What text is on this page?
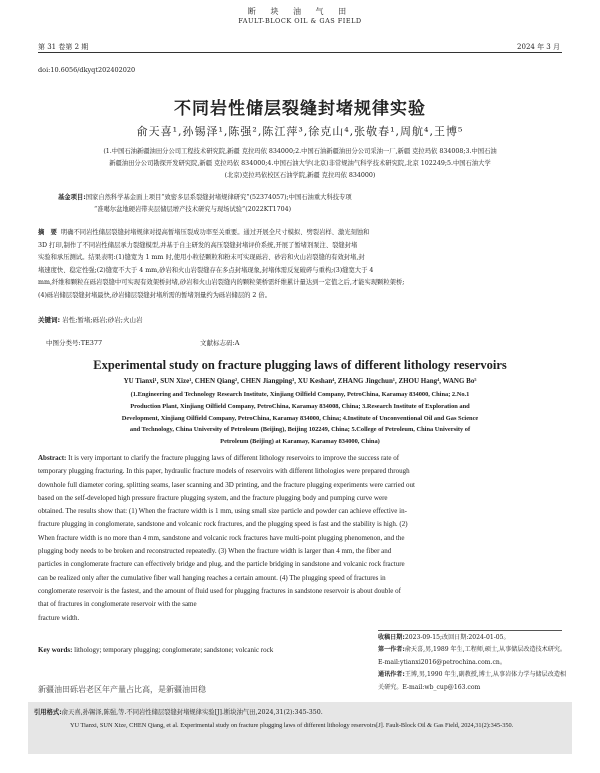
断 块 油 气 田
FAULT-BLOCK OIL & GAS FIELD
第 31 卷第 2 期	2024 年 3 月
doi:10.6056/dkyqt202402020
不同岩性储层裂缝封堵规律实验
俞天喜¹,孙锡泽¹,陈强²,陈江萍³,徐克山⁴,张敬春¹,周航⁴,王博⁵
(1.中国石油新疆油田分公司工程技术研究院,新疆 克拉玛依 834000;2.中国石油新疆油田分公司采油一厂,新疆 克拉玛依 834008;3.中国石油
新疆油田分公司勘探开发研究院,新疆 克拉玛依 834000;4.中国石油大学(北京)非常规油气科学技术研究院,北京 102249;5.中国石油大学
(北京)克拉玛依校区石油学院,新疆 克拉玛依 834000)
基金项目:国家自然科学基金面上项目“致密多层系裂缝封堵规律研究”(52374057);中国石油重大科技专项
“准噶尔盆地硬岩带夹层储层增产技术研究与现场试验”(2022KT1704)
摘　要 明确不同岩性储层裂缝封堵规律对提高暂堵压裂成功率至关重要。通过开展全尺寸模拟、劈裂岩样、激光刻蚀和
3D 打印,制作了不同岩性储层承力裂缝模型,并基于自主研发的高压裂缝封堵评价系统,开展了暂堵剂泵注、裂缝封堵
实验和承压测试。结果表明:(1)缝宽为 1 mm 时,使用小粒径颗粒和粉末可实现砾岩、砂岩和火山岩裂缝的有效封堵,封
堵速度快、稳定性强;(2)缝宽不大于 4 mm,砂岩和火山岩裂缝存在多点封堵现象,封堵体需反复破碎与重构;(3)缝宽大于 4
mm,纤维和颗粒在砾岩裂缝中可实现有效架桥封堵,砂岩和火山岩裂缝内的颗粒架桥需纤维累计量达到一定值之后,才能实现颗粒架桥;
(4)砾岩储层裂缝封堵最快,砂岩储层裂缝封堵所需的暂堵剂量约为砾岩储层的 2 倍。
关键词: 岩性;暂堵;砾岩;砂岩;火山岩
中图分类号:TE377	文献标志码:A
Experimental study on fracture plugging laws of different lithology reservoirs
YU Tianxi¹, SUN Xize¹, CHEN Qiang², CHEN Jiangping³, XU Keshan⁴, ZHANG Jingchun¹, ZHOU Hang⁴, WANG Bo⁵
(1.Engineering and Technology Research Institute, Xinjiang Oilfield Company, PetroChina, Karamay 834000, China; 2.No.1
Production Plant, Xinjiang Oilfield Company, PetroChina, Karamay 834008, China; 3.Research Institute of Exploration and
Development, Xinjiang Oilfield Company, PetroChina, Karamay 834000, China; 4.Institute of Unconventional Oil and Gas Science
and Technology, China University of Petroleum (Beijing), Beijing 102249, China; 5.College of Petroleum, China University of
Petroleum (Beijing) at Karamay, Karamay 834000, China)
Abstract: It is very important to clarify the fracture plugging laws of different lithology reservoirs to improve the success rate of
temporary plugging fracturing. In this paper, hydraulic fracture models of reservoirs with different lithologies were prepared through
downhole full diameter coring, splitting seams, laser scanning and 3D printing, and the fracture plugging experiments were carried out
based on the self-developed high pressure fracture plugging system, and the fracture plugging body and pumping curve were
obtained. The results show that: (1) When the fracture width is 1 mm, using small size particle and powder can achieve effective in-
fracture plugging in conglomerate, sandstone and volcanic rock fractures, and the plugging speed is fast and the stability is high. (2)
When fracture width is no more than 4 mm, sandstone and volcanic rock fractures have multi-point plugging phenomenon, and the
plugging body needs to be broken and reconstructed repeatedly. (3) When the fracture width is larger than 4 mm, the fiber and
particles in conglomerate fracture can effectively bridge and plug, and the particle bridging in sandstone and volcanic rock fracture
can be realized only after the cumulative fiber wall hanging reaches a certain amount. (4) The plugging speed of fractures in
conglomerate reservoir is the fastest, and the amount of fluid used for plugging fractures in sandstone reservoir is about double of

that of fractures in conglomerate reservoir with the same
fracture width.
Key words: lithology; temporary plugging; conglomerate; sandstone; volcanic rock
新疆油田砾岩老区年产量占比高，是新疆油田稳
收稿日期:2023-09-15;改回日期:2024-01-05。
第一作者:俞天喜,男,1989 年生,工程师,硕士,从事储层改造技术研究。E-mail:ytianxi2016@petrochina.com.cn。
通讯作者:王博,男,1990 年生,副教授,博士,从事岩体力学与储层改造相关研究。E-mail:wb_cup@163.com
引用格式:俞天喜,孙锡泽,陈强,等.不同岩性储层裂缝封堵规律实验[J].断块油气田,2024,31(2):345-350.
YU Tianxi, SUN Xize, CHEN Qiang, et al. Experimental study on fracture plugging laws of different lithology reservoirs[J]. Fault-Block Oil & Gas Field, 2024,31(2):345-350.
